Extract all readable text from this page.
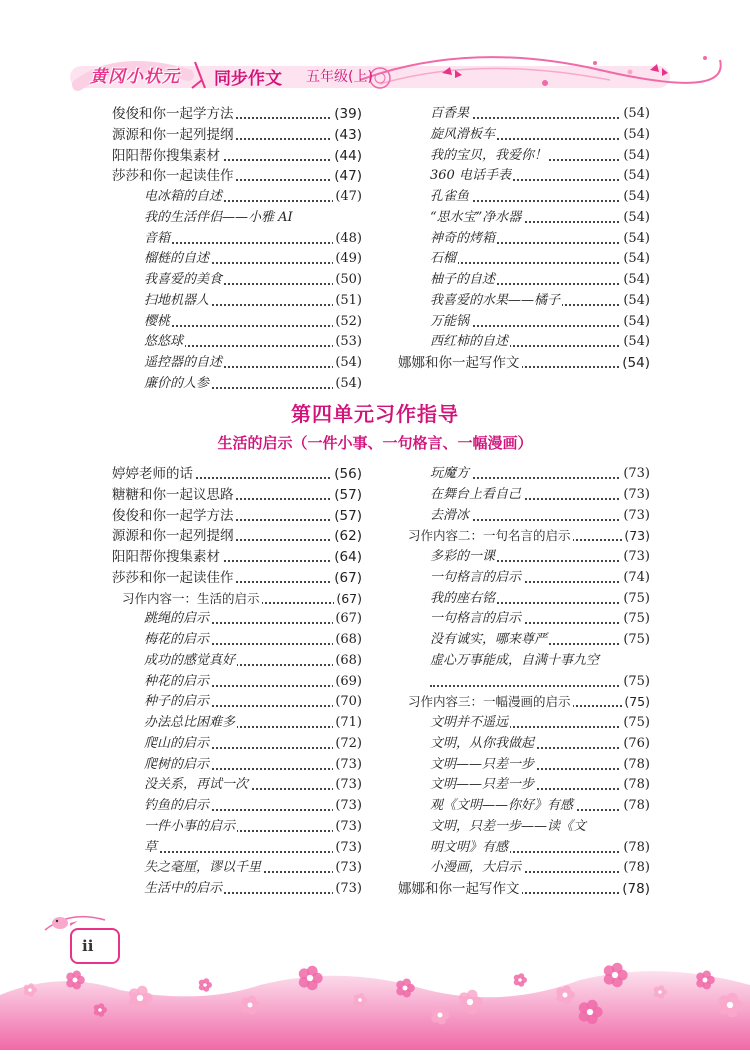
黄冈小状元 同步作文 五年级(上)
俊俊和你一起学方法	(39)
源源和你一起列提纲	(43)
阳阳帮你搜集素材	(44)
莎莎和你一起读佳作	(47)
电冰箱的自述	(47)
我的生活伴侣——小雅 AI
音箱	(48)
榴梿的自述	(49)
我喜爱的美食	(50)
扫地机器人	(51)
樱桃	(52)
悠悠球	(53)
遥控器的自述	(54)
廉价的人参	(54)
百香果	(54)
旋风滑板车	(54)
我的宝贝，我爱你！	(54)
360 电话手表	(54)
孔雀鱼	(54)
“思水宝”净水器	(54)
神奇的烤箱	(54)
石榴	(54)
柚子的自述	(54)
我喜爱的水果——橘子	(54)
万能锅	(54)
西红柿的自述	(54)
娜娜和你一起写作文	(54)
第四单元习作指导
生活的启示（一件小事、一句格言、一幅漫画）
婷婷老师的话	(56)
糖糖和你一起议思路	(57)
俊俊和你一起学方法	(57)
源源和你一起列提纲	(62)
阳阳帮你搜集素材	(64)
莎莎和你一起读佳作	(67)
习作内容一：生活的启示	(67)
跳绳的启示	(67)
梅花的启示	(68)
成功的感觉真好	(68)
种花的启示	(69)
种子的启示	(70)
办法总比困难多	(71)
爬山的启示	(72)
爬树的启示	(73)
没关系，再试一次	(73)
钓鱼的启示	(73)
一件小事的启示	(73)
草	(73)
失之毫厘，谬以千里	(73)
生活中的启示	(73)
玩魔方	(73)
在舞台上看自己	(73)
去滑冰	(73)
习作内容二：一句名言的启示	(73)
多彩的一课	(73)
一句格言的启示	(74)
我的座右铭	(75)
一句格言的启示	(75)
没有诚实，哪来尊严	(75)
虚心万事能成，自满十事九空
(75)
习作内容三：一幅漫画的启示	(75)
文明并不遥远	(75)
文明，从你我做起	(76)
文明——只差一步	(78)
文明——只差一步	(78)
观《文明——你好》有感	(78)
文明，只差一步——读《文
明文明》有感	(78)
小漫画，大启示	(78)
娜娜和你一起写作文	(78)
ii
